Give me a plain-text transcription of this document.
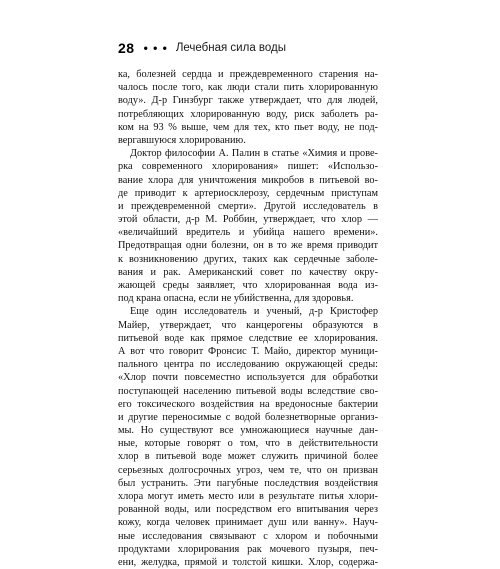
28 • • • Лечебная сила воды
ка, болезней сердца и преждевременного старения на-
чалось после того, как люди стали пить хлорированную
воду». Д-р Гинзбург также утверждает, что для людей,
потребляющих хлорированную воду, риск заболеть ра-
ком на 93 % выше, чем для тех, кто пьет воду, не под-
вергавшуюся хлорированию.
Доктор философии А. Палин в статье «Химия и прове-
рка современного хлорирования» пишет: «Использо-
вание хлора для уничтожения микробов в питьевой во-
де приводит к артериосклерозу, сердечным приступам
и преждевременной смерти». Другой исследователь в
этой области, д-р М. Роббин, утверждает, что хлор —
«величайший вредитель и убийца нашего времени».
Предотвращая одни болезни, он в то же время приводит
к возникновению других, таких как сердечные заболе-
вания и рак. Американский совет по качеству окру-
жающей среды заявляет, что хлорированная вода из-
под крана опасна, если не убийственна, для здоровья.
Еще один исследователь и ученый, д-р Кристофер
Майер, утверждает, что канцерогены образуются в
питьевой воде как прямое следствие ее хлорирования.
А вот что говорит Фронсис Т. Майо, директор муници-
пального центра по исследованию окружающей среды:
«Хлор почти повсеместно используется для обработки
поступающей населению питьевой воды вследствие сво-
его токсического воздействия на вредоносные бактерии
и другие переносимые с водой болезнетворные организ-
мы. Но существуют все умножающиеся научные дан-
ные, которые говорят о том, что в действительности
хлор в питьевой воде может служить причиной более
серьезных долгосрочных угроз, чем те, что он призван
был устранить. Эти пагубные последствия воздействия
хлора могут иметь место или в результате питья хлори-
рованной воды, или посредством его впитывания через
кожу, когда человек принимает душ или ванну». Науч-
ные исследования связывают с хлором и побочными
продуктами хлорирования рак мочевого пузыря, печ-
ени, желудка, прямой и толстой кишки. Хлор, содержа-
